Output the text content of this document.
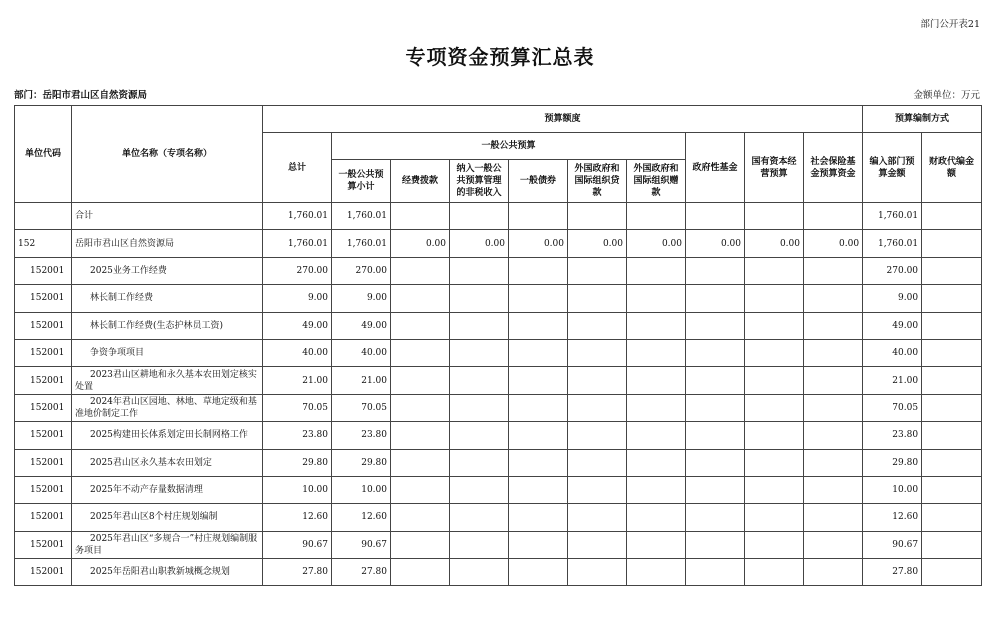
部门公开表21
专项资金预算汇总表
部门：岳阳市君山区自然资源局	金额单位：万元
单位代码	单位名称（专项名称）	预算额度										预算编制方式	
		总计	一般公共预算						政府性基金	国有资本经营预算	社会保险基金预算资金	编入部门预算金额	财政代编金额
			一般公共预算小计	经费拨款	纳入一般公共预算管理的非税收入	一般债券	外国政府和国际组织贷款	外国政府和国际组织赠款					
	合计	1,760.01	1,760.01									1,760.01	
152	岳阳市君山区自然资源局	1,760.01	1,760.01	0.00	0.00	0.00	0.00	0.00	0.00	0.00	0.00	1,760.01	
152001	2025业务工作经费	270.00	270.00									270.00	
152001	林长制工作经费	9.00	9.00									9.00	
152001	林长制工作经费(生态护林员工资)	49.00	49.00									49.00	
152001	争资争项项目	40.00	40.00									40.00	
152001	2023君山区耕地和永久基本农田划定核实处置	21.00	21.00									21.00	
152001	2024年君山区园地、林地、草地定级和基准地价制定工作	70.05	70.05									70.05	
152001	2025构建田长体系划定田长制网格工作	23.80	23.80									23.80	
152001	2025君山区永久基本农田划定	29.80	29.80									29.80	
152001	2025年不动产存量数据清理	10.00	10.00									10.00	
152001	2025年君山区8个村庄规划编制	12.60	12.60									12.60	
152001	2025年君山区“多规合一”村庄规划编制服务项目	90.67	90.67									90.67	
152001	2025年岳阳君山职教新城概念规划	27.80	27.80									27.80	
